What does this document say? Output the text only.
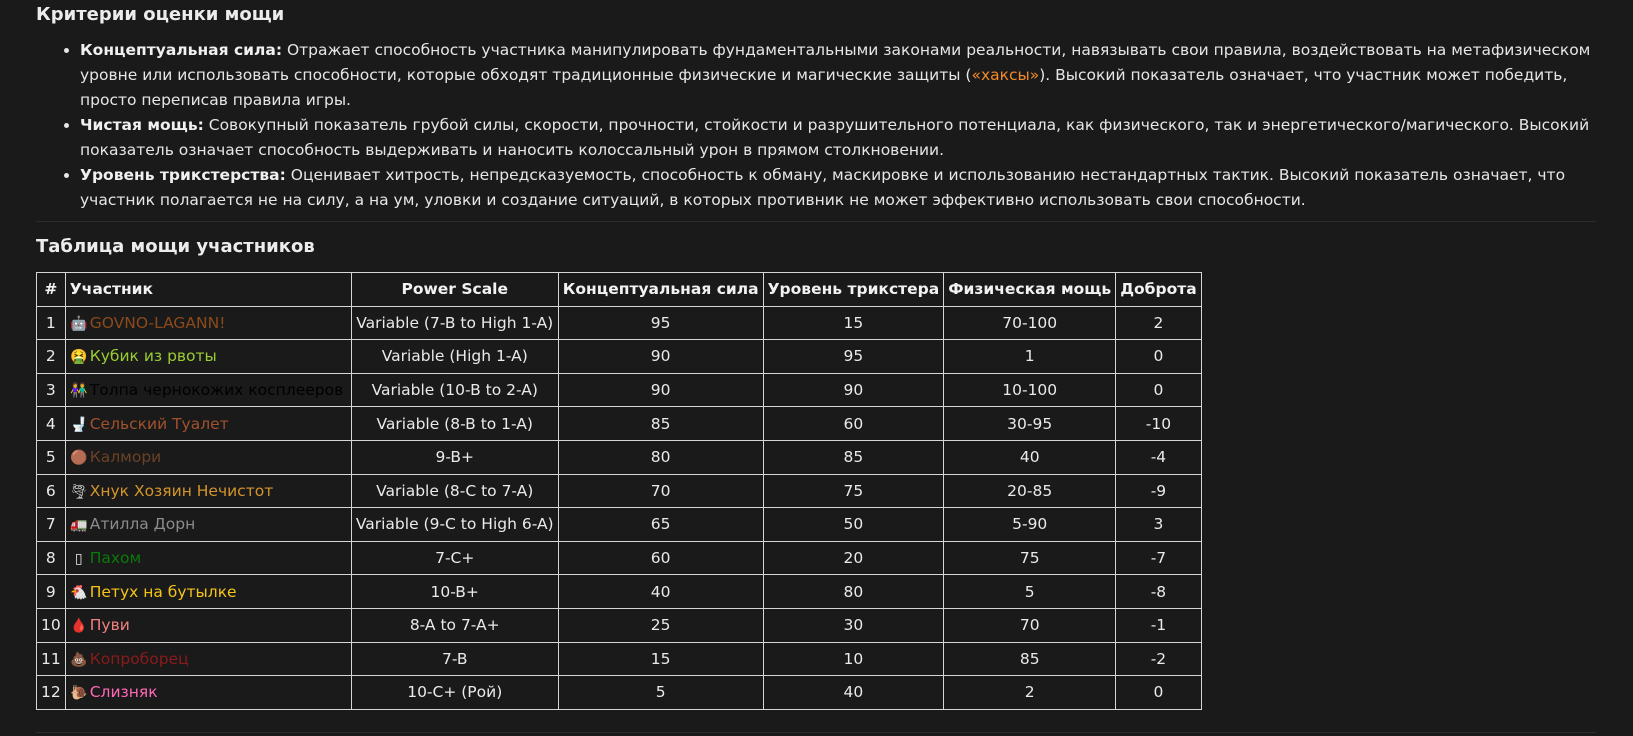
Критерии оценки мощи
• Концептуальная сила: Отражает способность участника манипулировать фундаментальными законами реальности, навязывать свои правила, воздействовать на метафизическом уровне или использовать способности, которые обходят традиционные физические и магические защиты («хаксы»). Высокий показатель означает, что участник может победить, просто переписав правила игры.
• Чистая мощь: Совокупный показатель грубой силы, скорости, прочности, стойкости и разрушительного потенциала, как физического, так и энергетического/магического. Высокий показатель означает способность выдерживать и наносить колоссальный урон в прямом столкновении.
• Уровень трикстерства: Оценивает хитрость, непредсказуемость, способность к обману, маскировке и использованию нестандартных тактик. Высокий показатель означает, что участник полагается не на силу, а на ум, уловки и создание ситуаций, в которых противник не может эффективно использовать свои способности.
Таблица мощи участников
#	Участник	Power Scale	Концептуальная сила	Уровень трикстера	Физическая мощь	Доброта
1	🤖 GOVNO-LAGANN!	Variable (7-B to High 1-A)	95	15	70-100	2
2	🤮 Кубик из рвоты	Variable (High 1-A)	90	95	1	0
3	👫 Толпа чернокожих косплееров	Variable (10-B to 2-A)	90	90	10-100	0
4	🚽 Сельский Туалет	Variable (8-B to 1-A)	85	60	30-95	-10
5	🟤 Калмори	9-B+	80	85	40	-4
6	🌪 Хнук Хозяин Нечистот	Variable (8-C to 7-A)	70	75	20-85	-9
7	🚛 Атилла Дорн	Variable (9-C to High 6-A)	65	50	5-90	3
8	▯ Пахом	7-C+	60	20	75	-7
9	🐔 Петух на бутылке	10-B+	40	80	5	-8
10	🩸 Пуви	8-A to 7-A+	25	30	70	-1
11	💩 Копроборец	7-B	15	10	85	-2
12	🐌 Слизняк	10-C+ (Рой)	5	40	2	0
